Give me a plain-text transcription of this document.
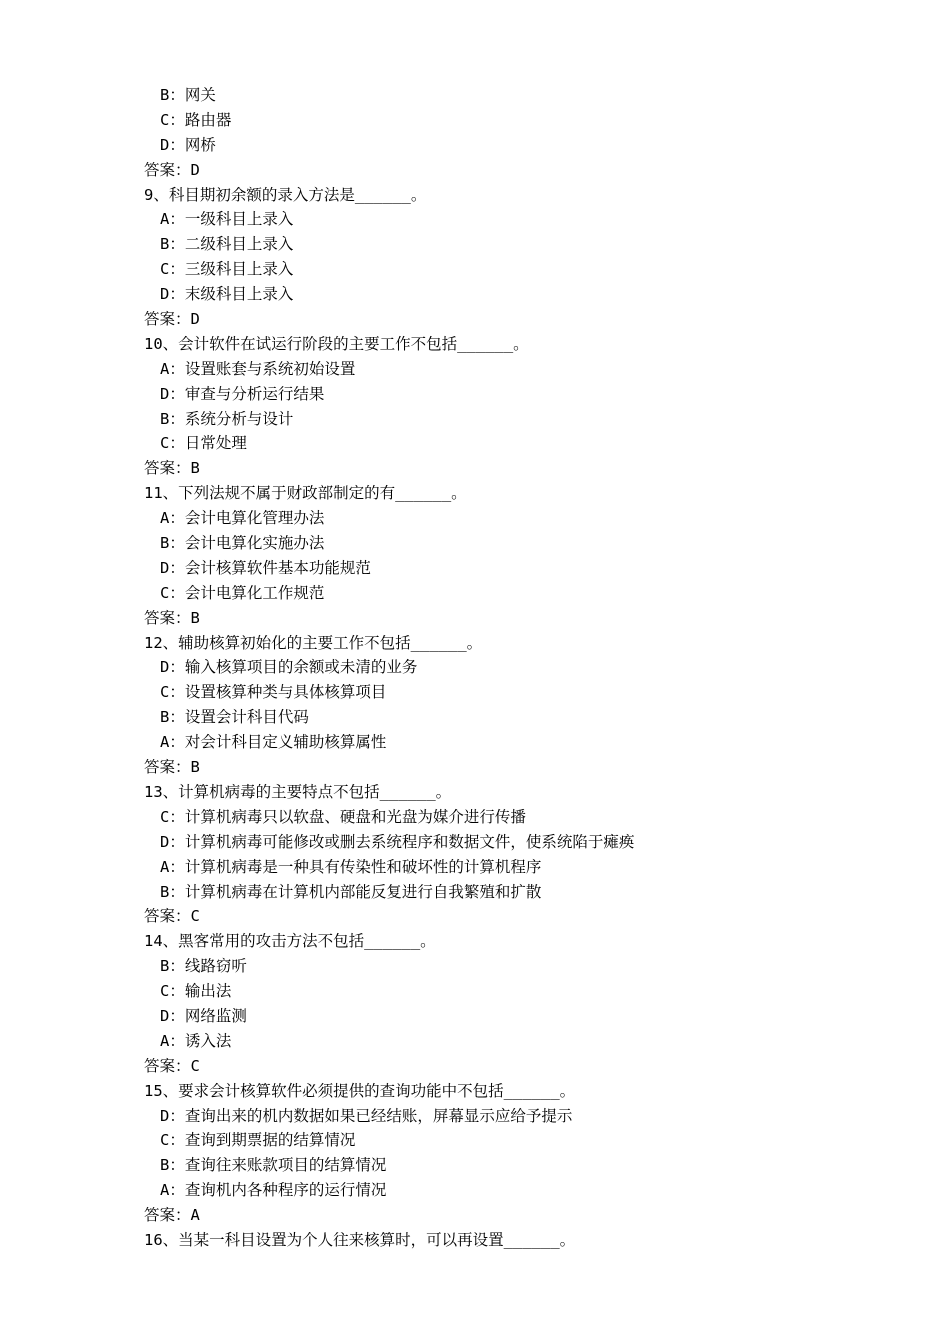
B：网关
C：路由器
D：网桥
答案：D
9、科目期初余额的录入方法是______。
A：一级科目上录入
B：二级科目上录入
C：三级科目上录入
D：末级科目上录入
答案：D
10、会计软件在试运行阶段的主要工作不包括______。
A：设置账套与系统初始设置
D：审查与分析运行结果
B：系统分析与设计
C：日常处理
答案：B
11、下列法规不属于财政部制定的有______。
A：会计电算化管理办法
B：会计电算化实施办法
D：会计核算软件基本功能规范
C：会计电算化工作规范
答案：B
12、辅助核算初始化的主要工作不包括______。
D：输入核算项目的余额或未清的业务
C：设置核算种类与具体核算项目
B：设置会计科目代码
A：对会计科目定义辅助核算属性
答案：B
13、计算机病毒的主要特点不包括______。
C：计算机病毒只以软盘、硬盘和光盘为媒介进行传播
D：计算机病毒可能修改或删去系统程序和数据文件，使系统陷于瘫痪
A：计算机病毒是一种具有传染性和破坏性的计算机程序
B：计算机病毒在计算机内部能反复进行自我繁殖和扩散
答案：C
14、黑客常用的攻击方法不包括______。
B：线路窃听
C：输出法
D：网络监测
A：诱入法
答案：C
15、要求会计核算软件必须提供的查询功能中不包括______。
D：查询出来的机内数据如果已经结账，屏幕显示应给予提示
C：查询到期票据的结算情况
B：查询往来账款项目的结算情况
A：查询机内各种程序的运行情况
答案：A
16、当某一科目设置为个人往来核算时，可以再设置______。
